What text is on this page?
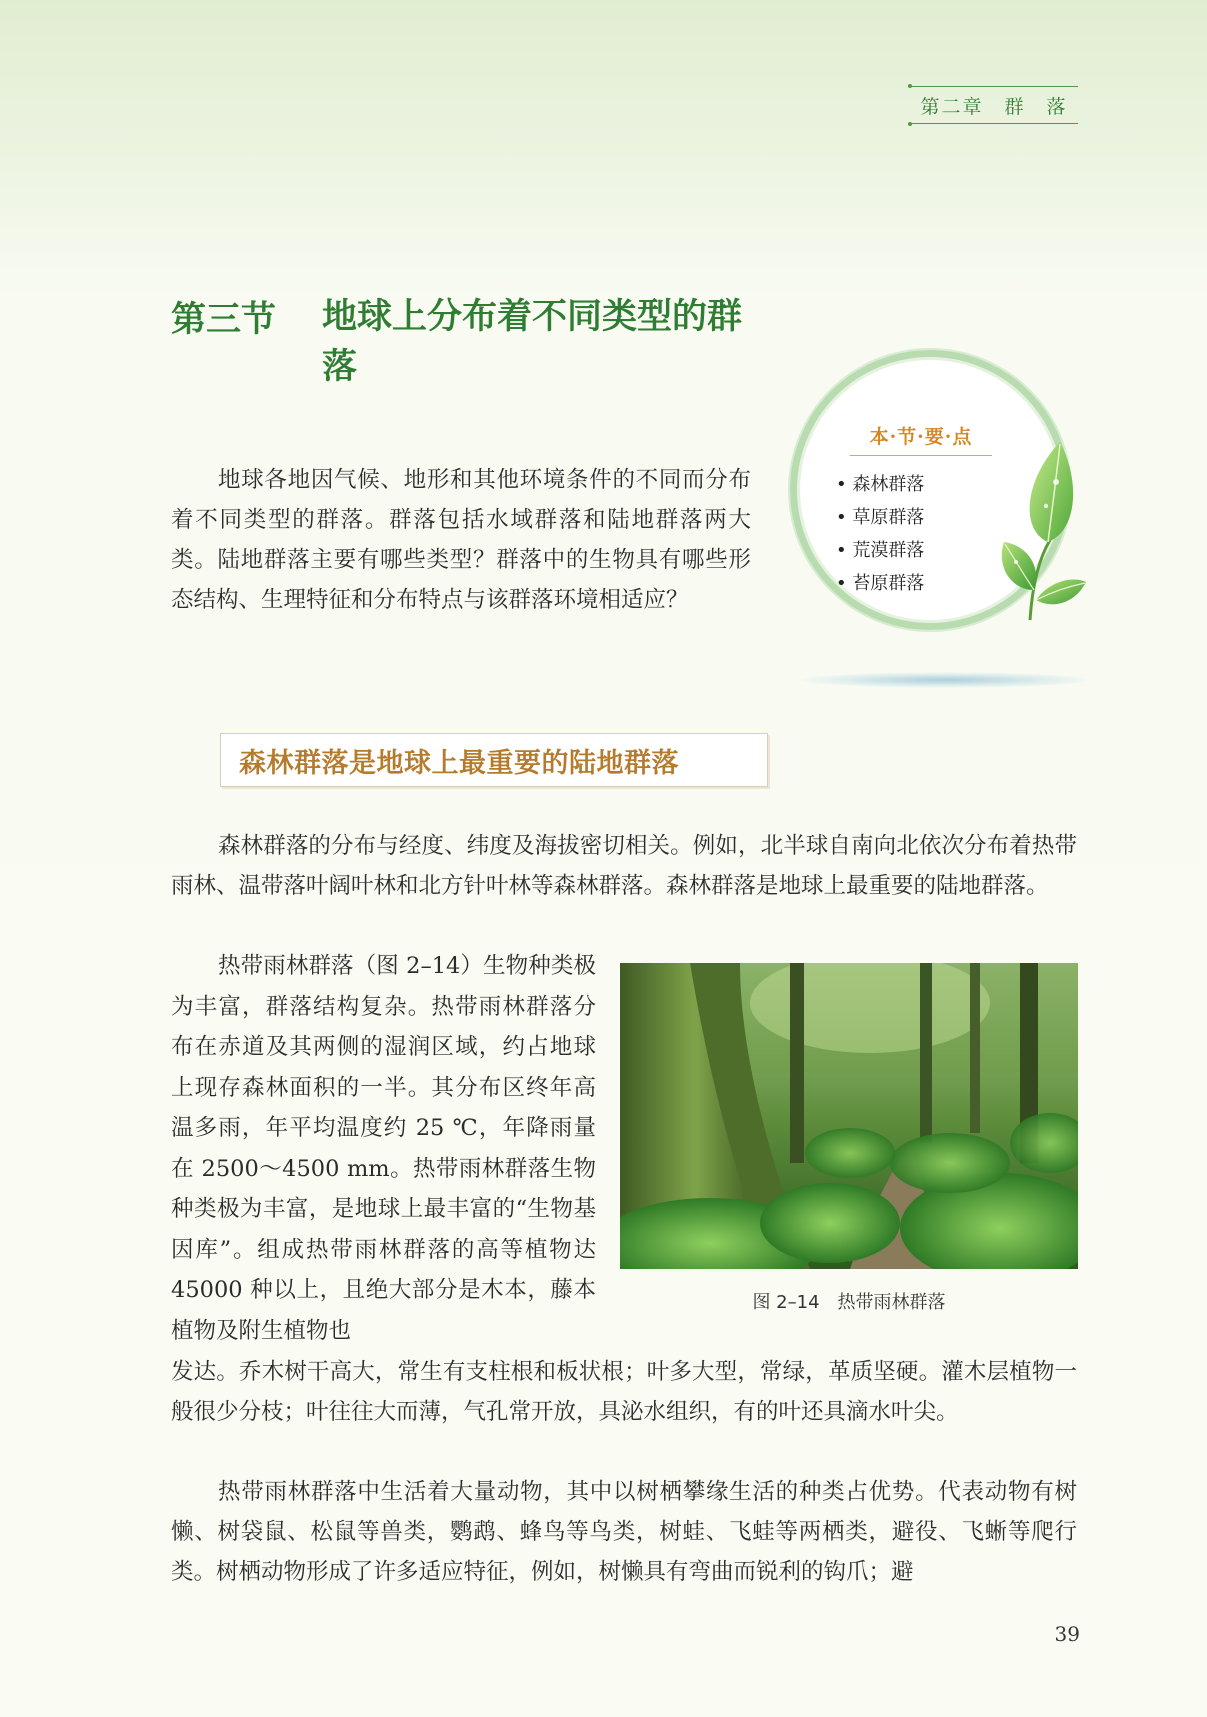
第二章　群　落
第三节 地球上分布着不同类型的群落
地球各地因气候、地形和其他环境条件的不同而分布着不同类型的群落。群落包括水域群落和陆地群落两大类。陆地群落主要有哪些类型？群落中的生物具有哪些形态结构、生理特征和分布特点与该群落环境相适应？
本·节·要·点
• 森林群落
• 草原群落
• 荒漠群落
• 苔原群落
森林群落是地球上最重要的陆地群落
森林群落的分布与经度、纬度及海拔密切相关。例如，北半球自南向北依次分布着热带雨林、温带落叶阔叶林和北方针叶林等森林群落。森林群落是地球上最重要的陆地群落。
热带雨林群落（图 2–14）生物种类极为丰富，群落结构复杂。热带雨林群落分布在赤道及其两侧的湿润区域，约占地球上现存森林面积的一半。其分布区终年高温多雨，年平均温度约 25 ℃，年降雨量在 2500～4500 mm。热带雨林群落生物种类极为丰富，是地球上最丰富的“生物基因库”。组成热带雨林群落的高等植物达 45000 种以上，且绝大部分是木本，藤本植物及附生植物也
图 2–14　热带雨林群落
发达。乔木树干高大，常生有支柱根和板状根；叶多大型，常绿，革质坚硬。灌木层植物一般很少分枝；叶往往大而薄，气孔常开放，具泌水组织，有的叶还具滴水叶尖。
热带雨林群落中生活着大量动物，其中以树栖攀缘生活的种类占优势。代表动物有树懒、树袋鼠、松鼠等兽类，鹦鹉、蜂鸟等鸟类，树蛙、飞蛙等两栖类，避役、飞蜥等爬行类。树栖动物形成了许多适应特征，例如，树懒具有弯曲而锐利的钩爪；避
39
